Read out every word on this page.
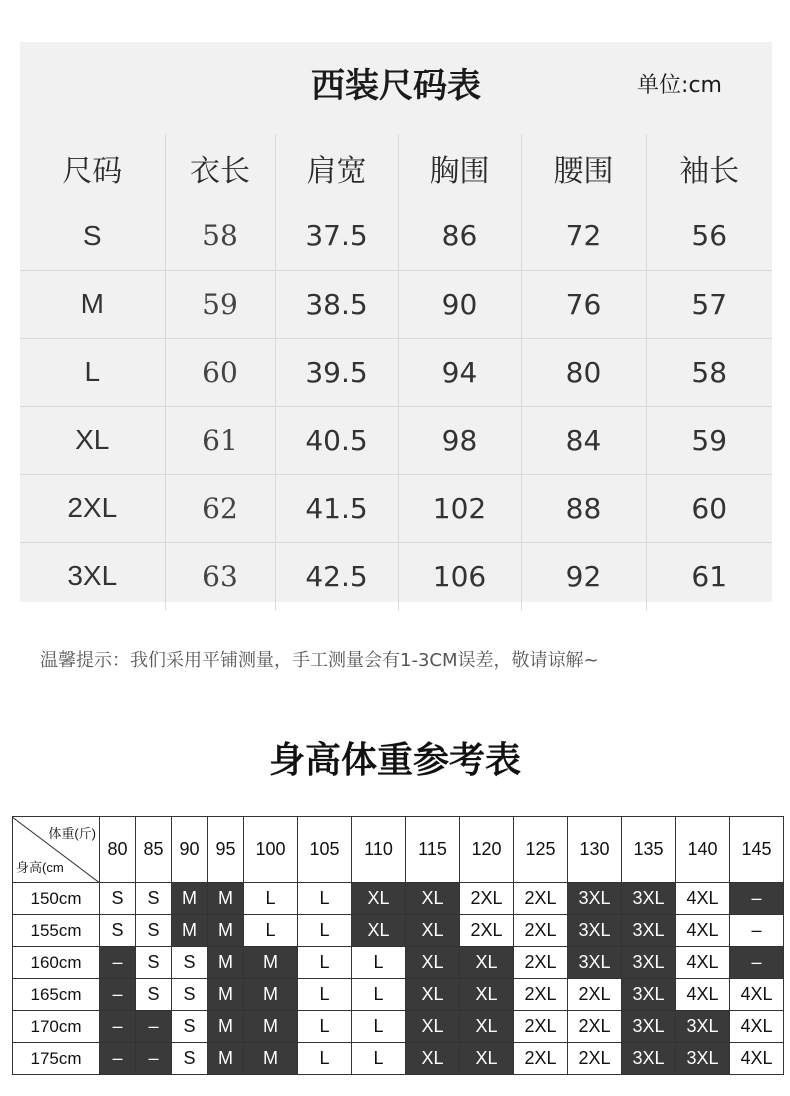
西装尺码表	单位:cm
尺码	衣长	肩宽	胸围	腰围	袖长
S	58	37.5	86	72	56
M	59	38.5	90	76	57
L	60	39.5	94	80	58
XL	61	40.5	98	84	59
2XL	62	41.5	102	88	60
3XL	63	42.5	106	92	61
温馨提示：我们采用平铺测量，手工测量会有1-3CM误差，敬请谅解~
身高体重参考表
体重(斤)
身高(cm	80	85	90	95	100	105	110	115	120	125	130	135	140	145
150cm	S	S	M	M	L	L	XL	XL	2XL	2XL	3XL	3XL	4XL	–
155cm	S	S	M	M	L	L	XL	XL	2XL	2XL	3XL	3XL	4XL	–
160cm	–	S	S	M	M	L	L	XL	XL	2XL	3XL	3XL	4XL	–
165cm	–	S	S	M	M	L	L	XL	XL	2XL	2XL	3XL	4XL	4XL
170cm	–	–	S	M	M	L	L	XL	XL	2XL	2XL	3XL	3XL	4XL
175cm	–	–	S	M	M	L	L	XL	XL	2XL	2XL	3XL	3XL	4XL
